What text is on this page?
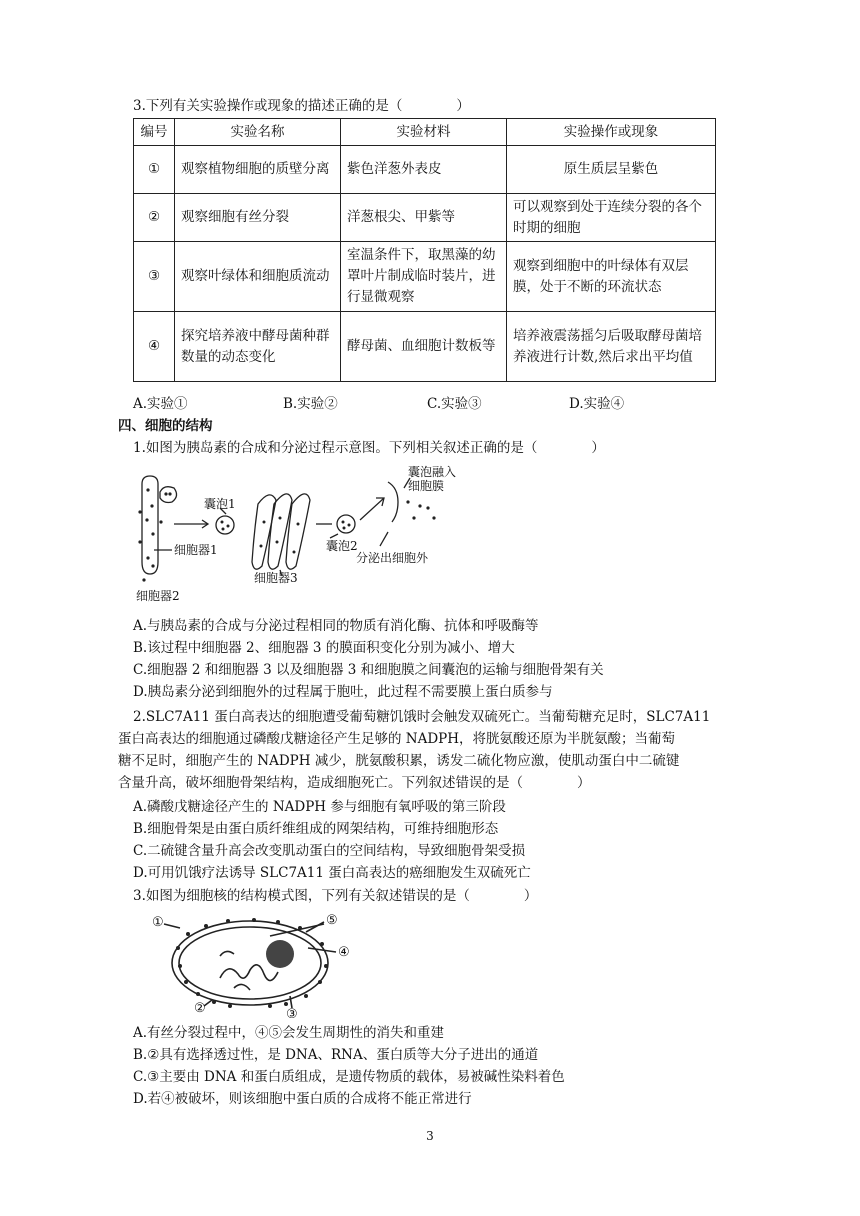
3.下列有关实验操作或现象的描述正确的是（　　　　）
编号	实验名称	实验材料	实验操作或现象
①	观察植物细胞的质壁分离	紫色洋葱外表皮	原生质层呈紫色
②	观察细胞有丝分裂	洋葱根尖、甲紫等	可以观察到处于连续分裂的各个时期的细胞
③	观察叶绿体和细胞质流动	室温条件下，取黑藻的幼罩叶片制成临时装片，进行显微观察	观察到细胞中的叶绿体有双层膜，处于不断的环流状态
④	探究培养液中酵母菌种群数量的动态变化	酵母菌、血细胞计数板等	培养液震荡摇匀后吸取酵母菌培养液进行计数,然后求出平均值
A.实验①	B.实验②	C.实验③	D.实验④
四、细胞的结构
1.如图为胰岛素的合成和分泌过程示意图。下列相关叙述正确的是（　　　　）
囊泡1
囊泡2
囊泡融入
细胞膜
细胞器1
细胞器2
细胞器3
分泌出细胞外
A.与胰岛素的合成与分泌过程相同的物质有消化酶、抗体和呼吸酶等
B.该过程中细胞器 2、细胞器 3 的膜面积变化分别为减小、增大
C.细胞器 2 和细胞器 3 以及细胞器 3 和细胞膜之间囊泡的运输与细胞骨架有关
D.胰岛素分泌到细胞外的过程属于胞吐，此过程不需要膜上蛋白质参与
2.SLC7A11 蛋白高表达的细胞遭受葡萄糖饥饿时会触发双硫死亡。当葡萄糖充足时，SLC7A11
蛋白高表达的细胞通过磷酸戊糖途径产生足够的 NADPH，将胱氨酸还原为半胱氨酸；当葡萄
糖不足时，细胞产生的 NADPH 减少，胱氨酸积累，诱发二硫化物应激，使肌动蛋白中二硫键
含量升高，破坏细胞骨架结构，造成细胞死亡。下列叙述错误的是（　　　　）
A.磷酸戊糖途径产生的 NADPH 参与细胞有氧呼吸的第三阶段
B.细胞骨架是由蛋白质纤维组成的网架结构，可维持细胞形态
C.二硫键含量升高会改变肌动蛋白的空间结构，导致细胞骨架受损
D.可用饥饿疗法诱导 SLC7A11 蛋白高表达的癌细胞发生双硫死亡
3.如图为细胞核的结构模式图，下列有关叙述错误的是（　　　　）
①
②	③
④
⑤
A.有丝分裂过程中，④⑤会发生周期性的消失和重建
B.②具有选择透过性，是 DNA、RNA、蛋白质等大分子进出的通道
C.③主要由 DNA 和蛋白质组成，是遗传物质的载体，易被碱性染料着色
D.若④被破坏，则该细胞中蛋白质的合成将不能正常进行
3
